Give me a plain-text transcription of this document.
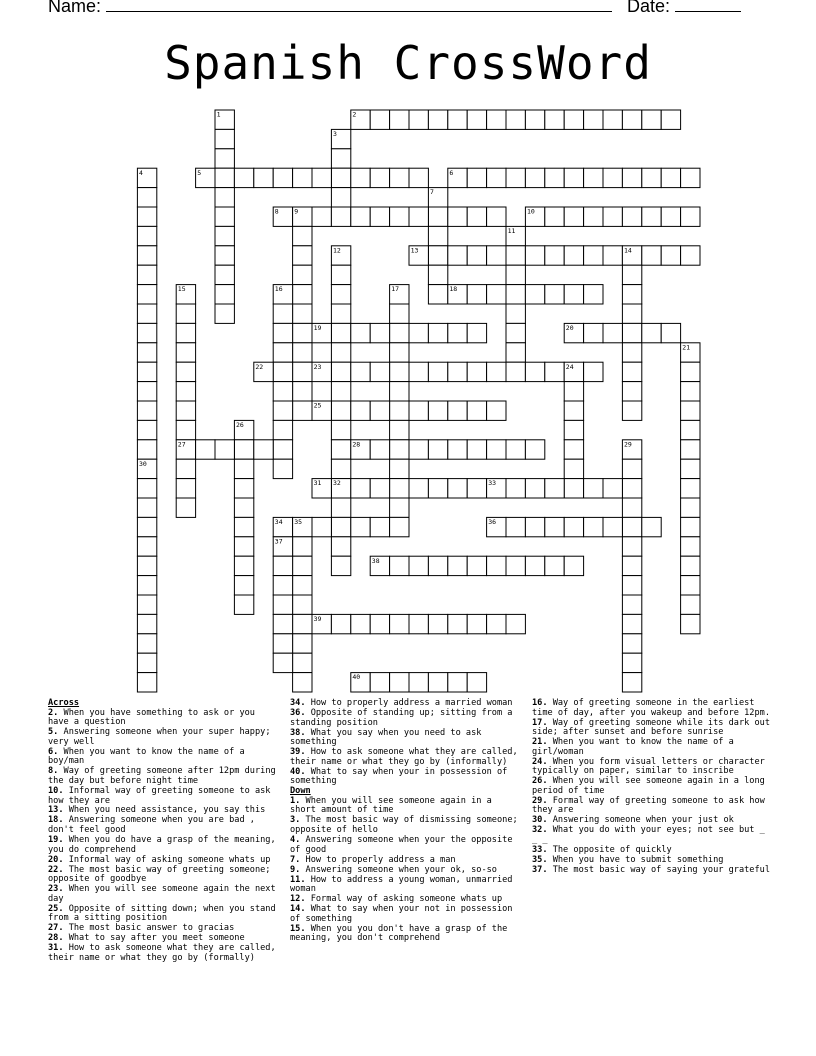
Name:	Date:
Spanish CrossWord
1	2
3
4	5	6
7
8 9	10
11
12	13	14
15	16	17	18
19	20
21
22	23	24
25
26
27	28	29
30
31 32	33
34 35	36
37
38
39
40
Across
2. When you have something to ask or you have a question
5. Answering someone when your super happy; very well
6. When you want to know the name of a boy/man
8. Way of greeting someone after 12pm during the day but before night time
10. Informal way of greeting someone to ask how they are
13. When you need assistance, you say this
18. Answering someone when you are bad , don't feel good
19. When you do have a grasp of the meaning, you do comprehend
20. Informal way of asking someone whats up
22. The most basic way of greeting someone; opposite of goodbye
23. When you will see someone again the next day
25. Opposite of sitting down; when you stand from a sitting position
27. The most basic answer to gracias
28. What to say after you meet someone
31. How to ask someone what they are called, their name or what they go by (formally)
34. How to properly address a married woman
36. Opposite of standing up; sitting from a standing position
38. What you say when you need to ask something
39. How to ask someone what they are called, their name or what they go by (informally)
40. What to say when your in possession of something
Down
1. When you will see someone again in a short amount of time
3. The most basic way of dismissing someone; opposite of hello
4. Answering someone when your the opposite of good
7. How to properly address a man
9. Answering someone when your ok, so-so
11. How to address a young woman, unmarried woman
12. Formal way of asking someone whats up
14. What to say when your not in possession of something
15. When you you don't have a grasp of the meaning, you don't comprehend
16. Way of greeting someone in the earliest time of day, after you wakeup and before 12pm.
17. Way of greeting someone while its dark out side; after sunset and before sunrise
21. When you want to know the name of a girl/woman
24. When you form visual letters or character typically on paper, similar to inscribe
26. When you will see someone again in a long period of time
29. Formal way of greeting someone to ask how they are
30. Answering someone when your just ok
32. What you do with your eyes; not see but _ _ _
33. The opposite of quickly
35. When you have to submit something
37. The most basic way of saying your grateful
